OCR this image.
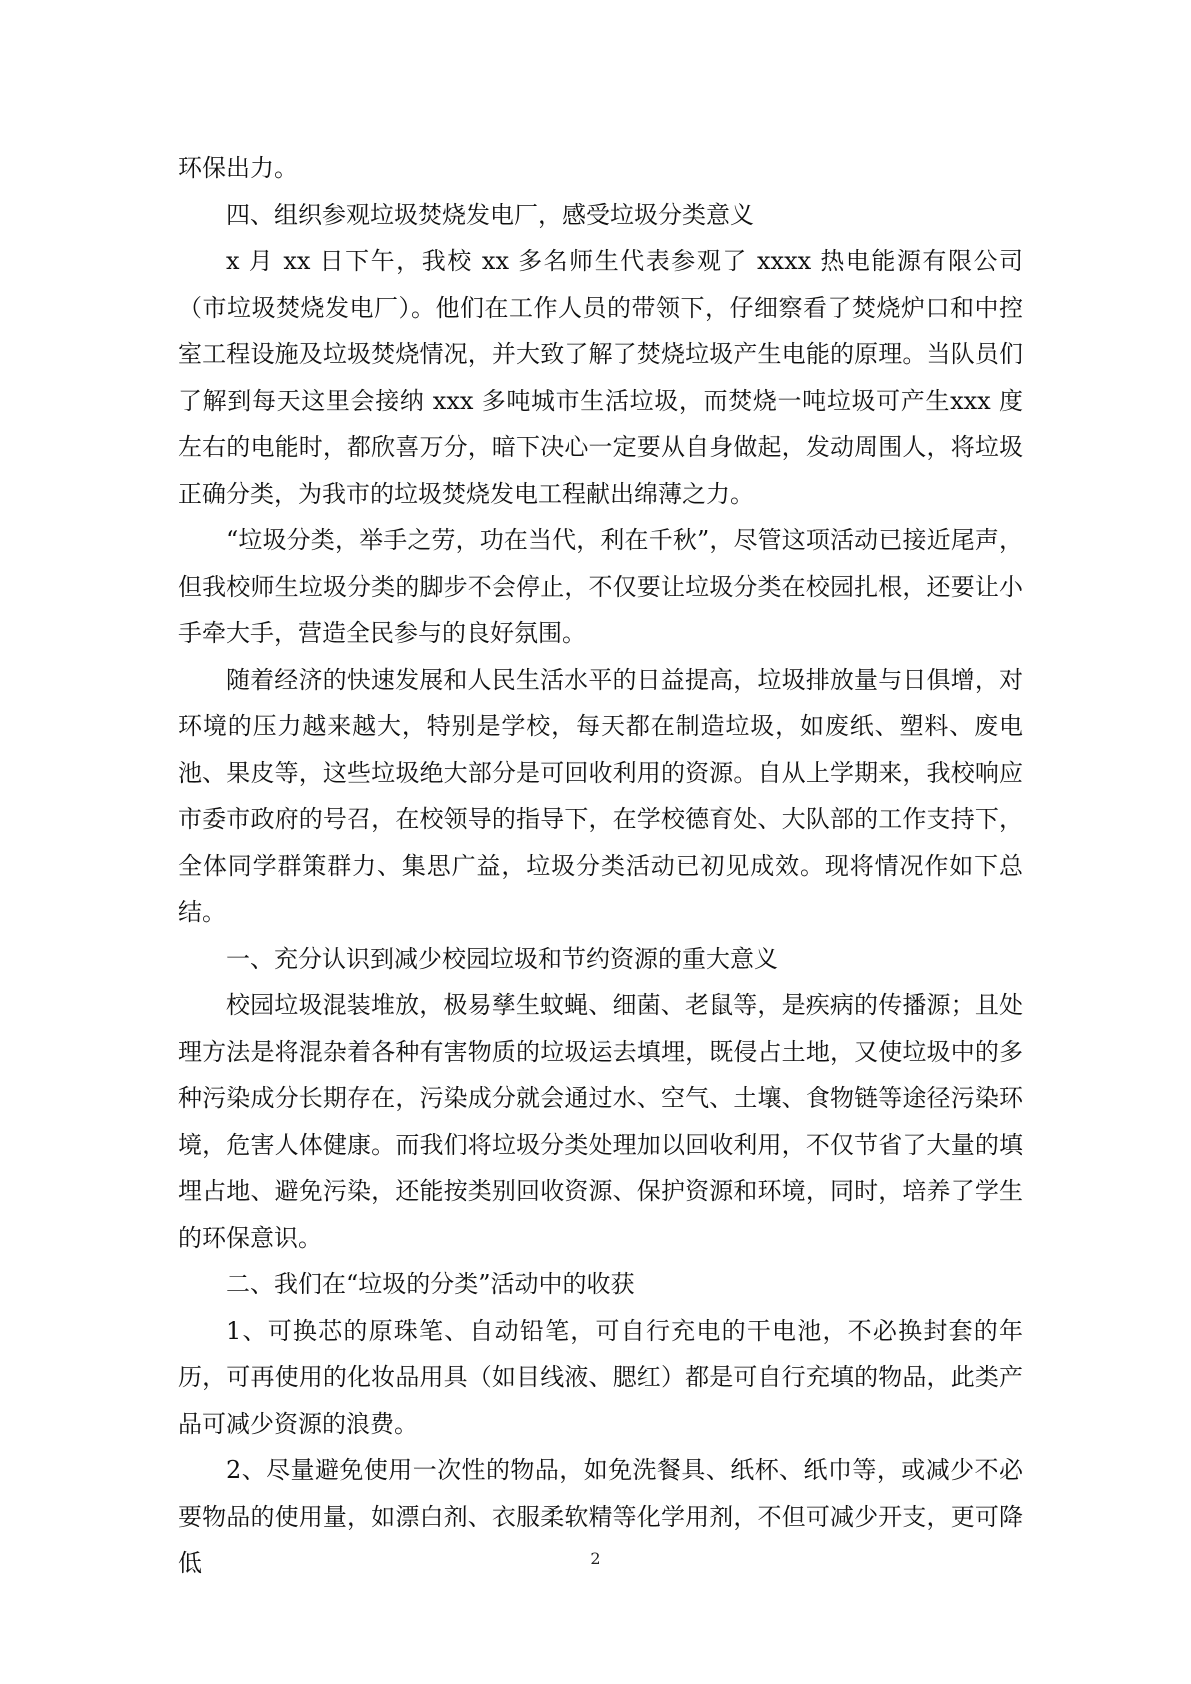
环保出力。

四、组织参观垃圾焚烧发电厂，感受垃圾分类意义

x 月 xx 日下午，我校 xx 多名师生代表参观了 xxxx 热电能源有限公司（市垃圾焚烧发电厂）。他们在工作人员的带领下，仔细察看了焚烧炉口和中控室工程设施及垃圾焚烧情况，并大致了解了焚烧垃圾产生电能的原理。当队员们了解到每天这里会接纳 xxx 多吨城市生活垃圾，而焚烧一吨垃圾可产生xxx 度左右的电能时，都欣喜万分，暗下决心一定要从自身做起，发动周围人，将垃圾正确分类，为我市的垃圾焚烧发电工程献出绵薄之力。

“垃圾分类，举手之劳，功在当代，利在千秋”，尽管这项活动已接近尾声，但我校师生垃圾分类的脚步不会停止，不仅要让垃圾分类在校园扎根，还要让小手牵大手，营造全民参与的良好氛围。

随着经济的快速发展和人民生活水平的日益提高，垃圾排放量与日俱增，对环境的压力越来越大，特别是学校，每天都在制造垃圾，如废纸、塑料、废电池、果皮等，这些垃圾绝大部分是可回收利用的资源。自从上学期来，我校响应市委市政府的号召，在校领导的指导下，在学校德育处、大队部的工作支持下，全体同学群策群力、集思广益，垃圾分类活动已初见成效。现将情况作如下总结。

一、充分认识到减少校园垃圾和节约资源的重大意义

校园垃圾混装堆放，极易孳生蚊蝇、细菌、老鼠等，是疾病的传播源；且处理方法是将混杂着各种有害物质的垃圾运去填埋，既侵占土地，又使垃圾中的多种污染成分长期存在，污染成分就会通过水、空气、土壤、食物链等途径污染环境，危害人体健康。而我们将垃圾分类处理加以回收利用，不仅节省了大量的填埋占地、避免污染，还能按类别回收资源、保护资源和环境，同时，培养了学生的环保意识。

二、我们在“垃圾的分类”活动中的收获

1、可换芯的原珠笔、自动铅笔，可自行充电的干电池，不必换封套的年历，可再使用的化妆品用具（如目线液、腮红）都是可自行充填的物品，此类产品可减少资源的浪费。

2、尽量避免使用一次性的物品，如免洗餐具、纸杯、纸巾等，或减少不必要物品的使用量，如漂白剂、衣服柔软精等化学用剂，不但可减少开支，更可降低	2
